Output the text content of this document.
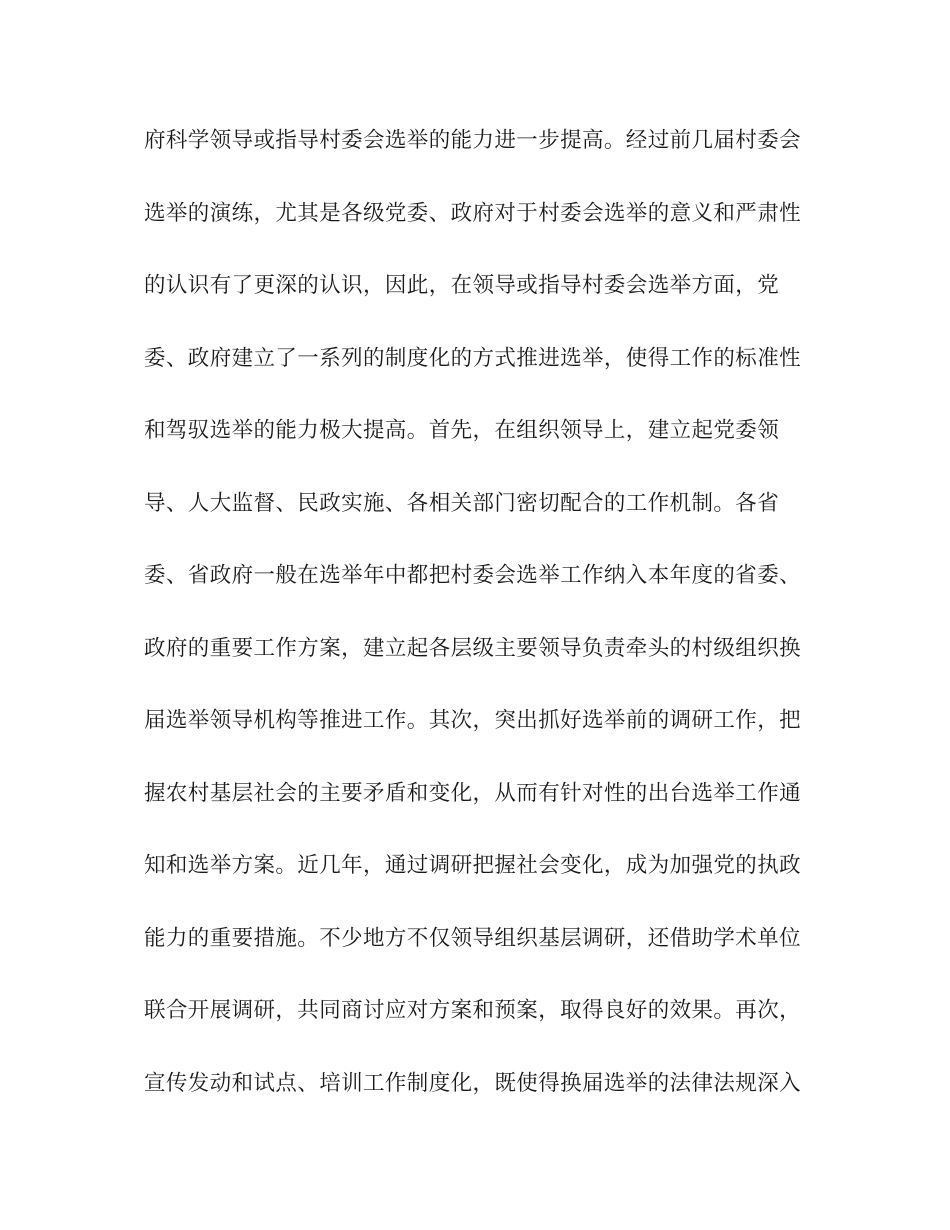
府科学领导或指导村委会选举的能力进一步提高。经过前几届村委会
选举的演练，尤其是各级党委、政府对于村委会选举的意义和严肃性
的认识有了更深的认识，因此，在领导或指导村委会选举方面，党
委、政府建立了一系列的制度化的方式推进选举，使得工作的标准性
和驾驭选举的能力极大提高。首先，在组织领导上，建立起党委领
导、人大监督、民政实施、各相关部门密切配合的工作机制。各省
委、省政府一般在选举年中都把村委会选举工作纳入本年度的省委、
政府的重要工作方案，建立起各层级主要领导负责牵头的村级组织换
届选举领导机构等推进工作。其次，突出抓好选举前的调研工作，把
握农村基层社会的主要矛盾和变化，从而有针对性的出台选举工作通
知和选举方案。近几年，通过调研把握社会变化，成为加强党的执政
能力的重要措施。不少地方不仅领导组织基层调研，还借助学术单位
联合开展调研，共同商讨应对方案和预案，取得良好的效果。再次，
宣传发动和试点、培训工作制度化，既使得换届选举的法律法规深入
